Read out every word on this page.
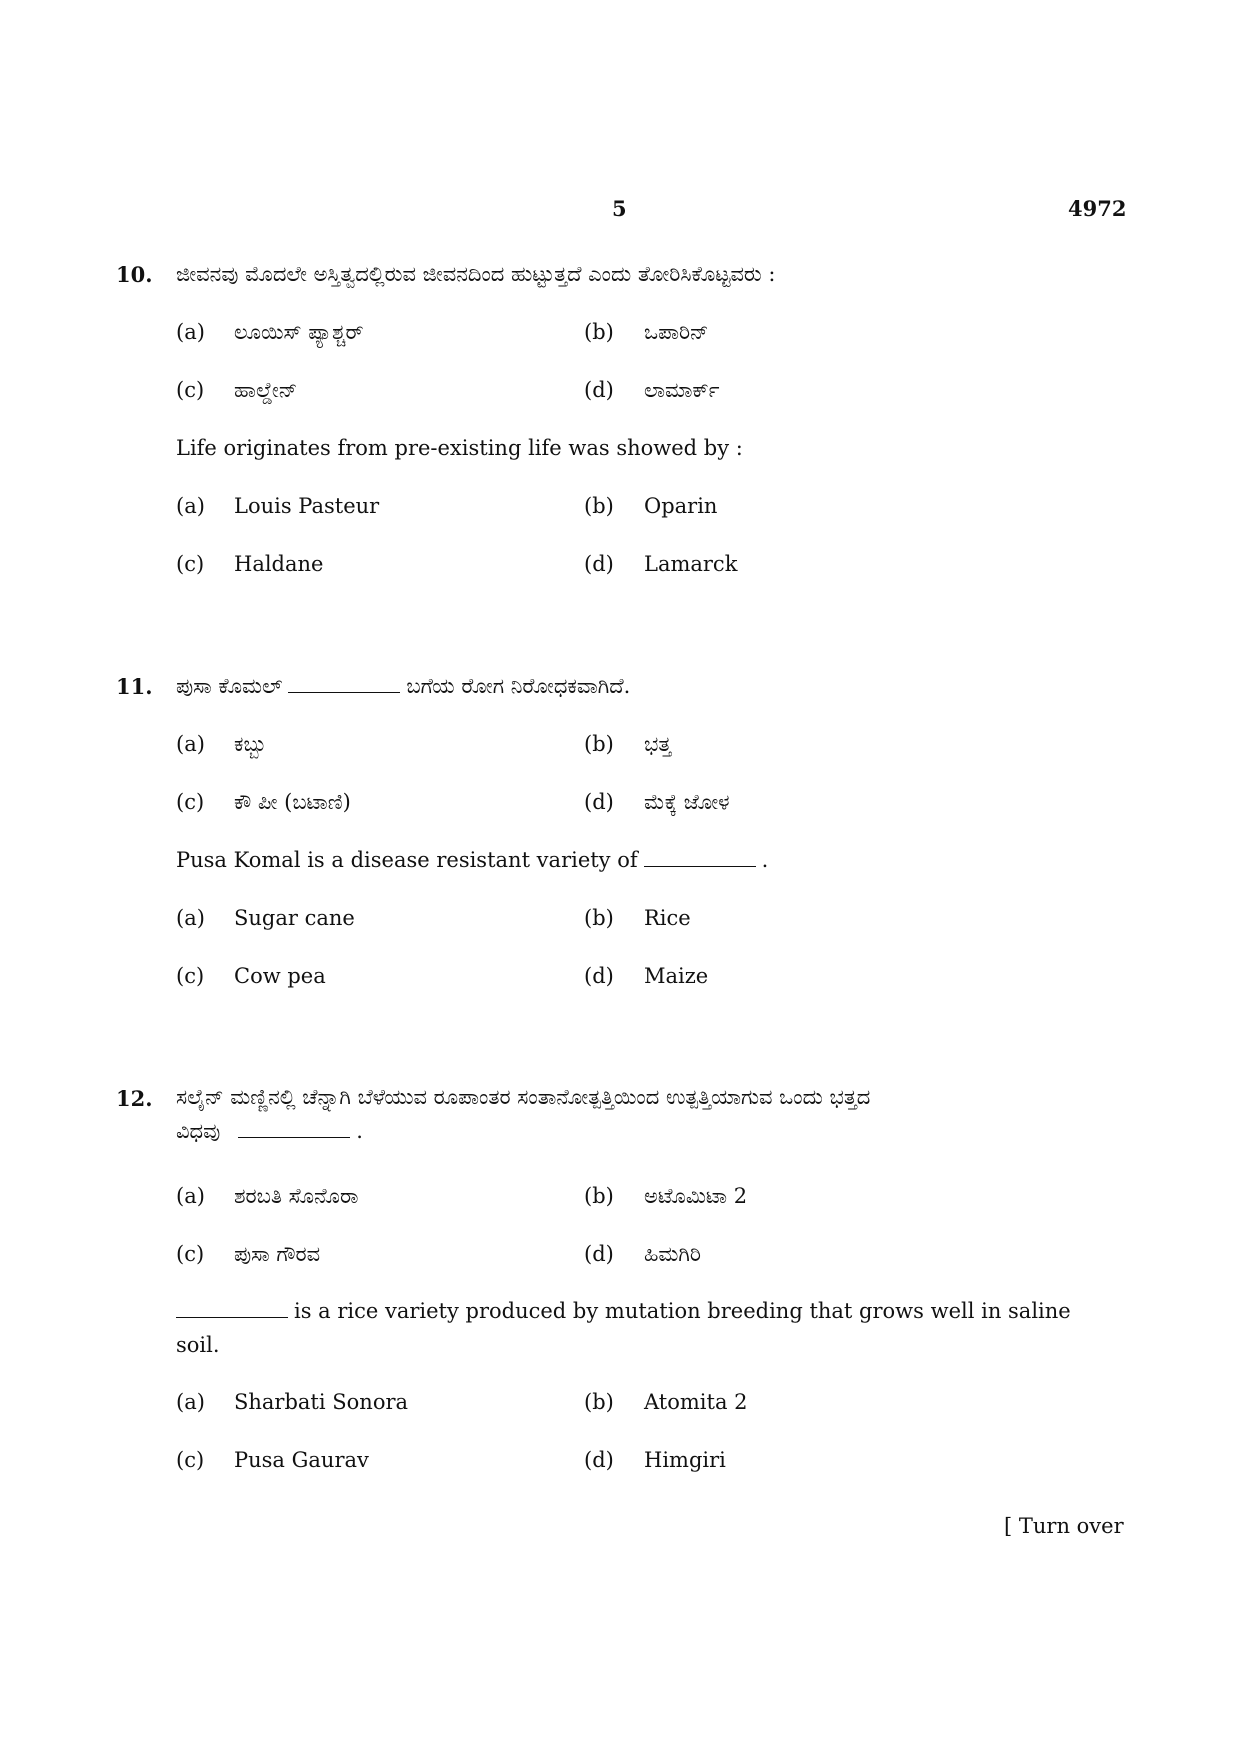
5	4972
10. ಜೀವನವು ಮೊದಲೇ ಅಸ್ತಿತ್ವದಲ್ಲಿರುವ ಜೀವನದಿಂದ ಹುಟ್ಟುತ್ತದೆ ಎಂದು ತೋರಿಸಿಕೊಟ್ಟವರು :
(a) ಲೂಯಿಸ್ ಪ್ಯಾಶ್ಚರ್	(b) ಒಪಾರಿನ್
(c) ಹಾಲ್ಡೇನ್	(d) ಲಾಮಾರ್ಕ್
Life originates from pre-existing life was showed by :
(a) Louis Pasteur	(b) Oparin
(c) Haldane	(d) Lamarck
11. ಪುಸಾ ಕೊಮಲ್	ಬಗೆಯ ರೋಗ ನಿರೋಧಕವಾಗಿದೆ.
(a) ಕಬ್ಬು	(b) ಭತ್ತ
(c) ಕೌ ಪೀ (ಬಟಾಣಿ)	(d) ಮೆಕ್ಕೆ ಜೋಳ
Pusa Komal is a disease resistant variety of	.
(a) Sugar cane	(b) Rice
(c) Cow pea	(d) Maize
12. ಸಲೈನ್ ಮಣ್ಣಿನಲ್ಲಿ ಚೆನ್ನಾಗಿ ಬೆಳೆಯುವ ರೂಪಾಂತರ ಸಂತಾನೋತ್ಪತ್ತಿಯಿಂದ ಉತ್ಪತ್ತಿಯಾಗುವ ಒಂದು ಭತ್ತದ
ವಿಧವು	.
(a) ಶರಬತಿ ಸೊನೊರಾ	(b) ಅಟೊಮಿಟಾ 2
(c) ಪುಸಾ ಗೌರವ	(d) ಹಿಮಗಿರಿ
is a rice variety produced by mutation breeding that grows well in saline soil.
(a) Sharbati Sonora	(b) Atomita 2
(c) Pusa Gaurav	(d) Himgiri
[ Turn over
